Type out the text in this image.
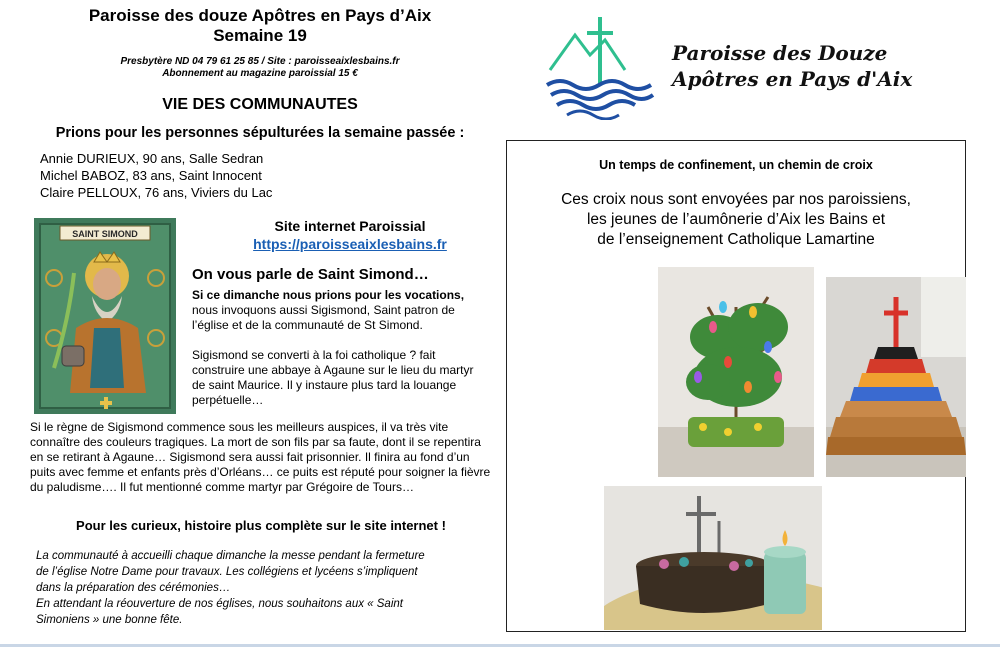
Paroisse des douze Apôtres en Pays d’Aix
Semaine 19
Presbytère ND 04 79 61 25 85 / Site : paroisseaixlesbains.fr
Abonnement au magazine paroissial 15 €
VIE DES COMMUNAUTES
Prions pour les personnes sépulturées la semaine passée :
Annie DURIEUX, 90 ans, Salle Sedran
Michel BABOZ, 83 ans, Saint Innocent
Claire PELLOUX, 76 ans, Viviers du Lac
SAINT SIMOND	Site internet Paroissial
https://paroisseaixlesbains.fr
On vous parle de Saint Simond…
Si ce dimanche nous prions pour les vocations, nous invoquons aussi Sigismond, Saint patron de l’église et de la communauté de St Simond.
Sigismond se converti à la foi catholique ? fait construire une abbaye à Agaune sur le lieu du martyr de saint Maurice. Il y instaure plus tard la louange perpétuelle…
Si le règne de Sigismond commence sous les meilleurs auspices, il va très vite connaître des couleurs tragiques. La mort de son fils par sa faute, dont il se repentira en se retirant à Agaune… Sigismond sera aussi fait prisonnier. Il finira au fond d’un puits avec femme et enfants près d’Orléans… ce puits est réputé pour soigner la fièvre du paludisme…. Il fut mentionné comme martyr par Grégoire de Tours…
Pour les curieux, histoire plus complète sur le site internet !
La communauté à accueilli chaque dimanche la messe pendant la fermeture
de l’église Notre Dame pour travaux. Les collégiens et lycéens s’impliquent
dans la préparation des cérémonies…
En attendant la réouverture de nos églises, nous souhaitons aux « Saint
Simoniens » une bonne fête.
Paroisse des Douze
Apôtres en Pays d'Aix
Un temps de confinement, un chemin de croix
Ces croix nous sont envoyées par nos paroissiens,
les jeunes de l’aumônerie d’Aix les Bains et
de l’enseignement Catholique Lamartine
